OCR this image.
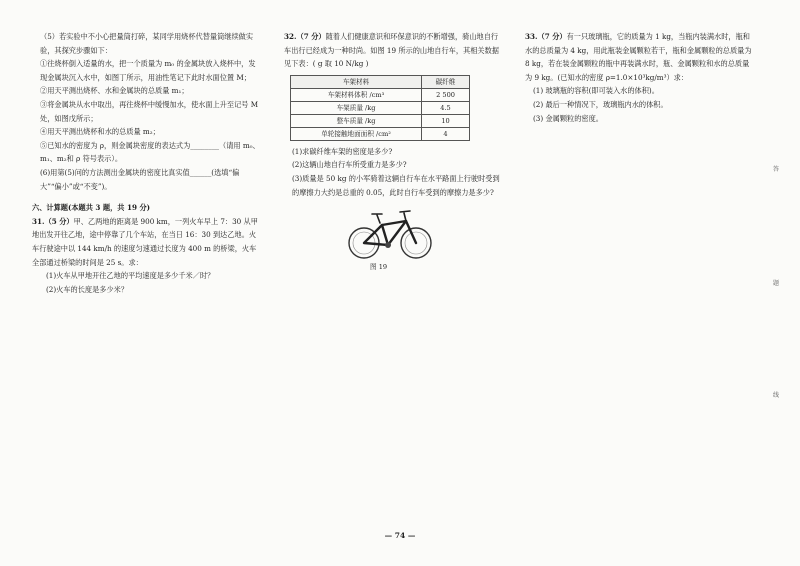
（5）若实验中不小心把量筒打碎，某同学用烧杯代替量筒继续做实验，其探究步骤如下：

①往烧杯倒入适量的水，把一个质量为 m₀ 的金属块放入烧杯中，发现金属块沉入水中，如图丁所示，用油性笔记下此时水面位置 M；

②用天平测出烧杯、水和金属块的总质量 m₁；

③将金属块从水中取出，再往烧杯中缓慢加水，使水面上升至记号 M 处，如图戊所示；

④用天平测出烧杯和水的总质量 m₂；

⑤已知水的密度为 ρ，则金属块密度的表达式为________（请用 m₀、m₁、m₂和 ρ 符号表示）。

(6)用第(5)问的方法测出金属块的密度比真实值______(选填“偏大”“偏小”或“不变”)。

六、计算题(本题共 3 题，共 19 分)

31.（5 分）甲、乙两地的距离是 900 km，一列火车早上 7：30 从甲地出发开往乙地，途中停靠了几个车站，在当日 16：30 到达乙地。火车行驶途中以 144 km/h 的速度匀速通过长度为 400 m 的桥梁，火车全部通过桥梁的时间是 25 s。求：

(1)火车从甲地开往乙地的平均速度是多少千米／时？

(2)火车的长度是多少米？

32.（7 分）随着人们健康意识和环保意识的不断增强，骑山地自行车出行已经成为一种时尚。如图 19 所示的山地自行车，其相关数据见下表：( g 取 10 N/kg )

车架材料	碳纤维
车架材料体积 /cm³	2 500
车架质量 /kg	4.5
整车质量 /kg	10
单轮接触地面面积 /cm²	4

(1)求碳纤维车架的密度是多少?

(2)这辆山地自行车所受重力是多少?

(3)质量是 50 kg 的小军骑着这辆自行车在水平路面上行驶时受到的摩擦力大约是总重的 0.05，此时自行车受到的摩擦力是多少?

图 19

33.（7 分）有一只玻璃瓶，它的质量为 1 kg，当瓶内装满水时，瓶和水的总质量为 4 kg，用此瓶装金属颗粒若干，瓶和金属颗粒的总质量为 8 kg，若在装金属颗粒的瓶中再装满水时，瓶、金属颗粒和水的总质量为 9 kg。(已知水的密度 ρ=1.0×10³kg/m³）求：

(1) 玻璃瓶的容积(即可装入水的体积)。

(2) 最后一种情况下，玻璃瓶内水的体积。

(3) 金属颗粒的密度。

答
题
线
— 74 —
